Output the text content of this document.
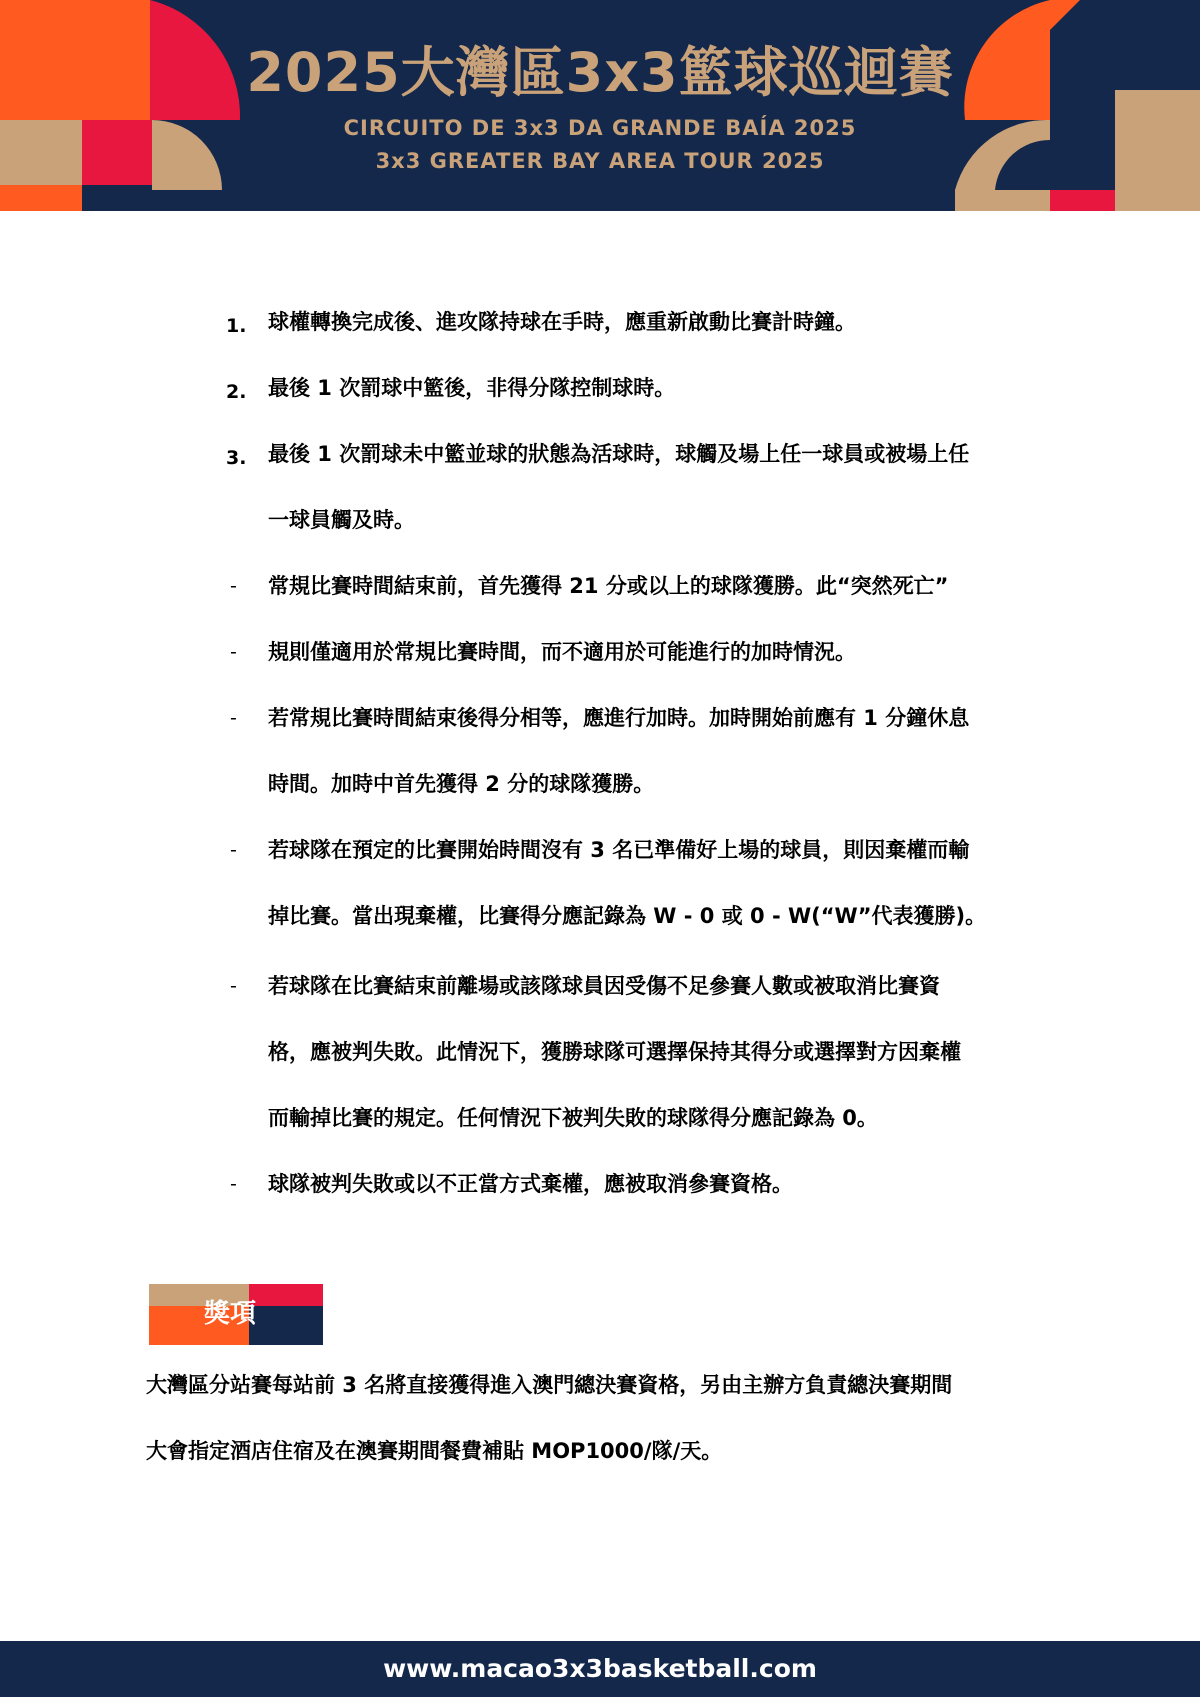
2025大灣區3x3籃球巡迴賽
CIRCUITO DE 3x3 DA GRANDE BAÍA 2025
3x3 GREATER BAY AREA TOUR 2025
1.	球權轉換完成後、進攻隊持球在手時，應重新啟動比賽計時鐘。
2.	最後 1 次罰球中籃後，非得分隊控制球時。
3.	最後 1 次罰球未中籃並球的狀態為活球時，球觸及場上任一球員或被場上任
一球員觸及時。
-	常規比賽時間結束前，首先獲得 21 分或以上的球隊獲勝。此“突然死亡”
-	規則僅適用於常規比賽時間，而不適用於可能進行的加時情況。
-	若常規比賽時間結束後得分相等，應進行加時。加時開始前應有 1 分鐘休息
時間。加時中首先獲得 2 分的球隊獲勝。
-	若球隊在預定的比賽開始時間沒有 3 名已準備好上場的球員，則因棄權而輸
掉比賽。當出現棄權，比賽得分應記錄為 W - 0 或 0 - W(“W”代表獲勝)。
-	若球隊在比賽結束前離場或該隊球員因受傷不足參賽人數或被取消比賽資
格，應被判失敗。此情況下，獲勝球隊可選擇保持其得分或選擇對方因棄權
而輸掉比賽的規定。任何情況下被判失敗的球隊得分應記錄為 0。
-	球隊被判失敗或以不正當方式棄權，應被取消參賽資格。
獎項
大灣區分站賽每站前 3 名將直接獲得進入澳門總決賽資格，另由主辦方負責總決賽期間
大會指定酒店住宿及在澳賽期間餐費補貼 MOP1000/隊/天。
www.macao3x3basketball.com
